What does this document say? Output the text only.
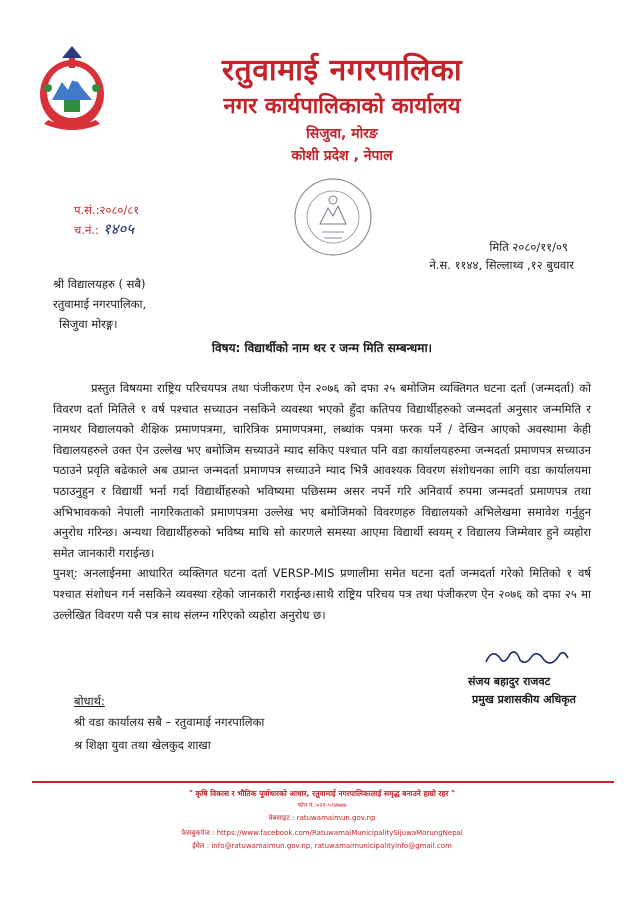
रतुवामाई नगरपालिका
नगर कार्यपालिकाको कार्यालय
सिजुवा, मोरङ
कोशी प्रदेश , नेपाल
प.सं.:२०८०/८१
च.नं.: १४०५
मिति २०८०/११/०९
ने.स. ११४४, सिल्लाथ्व ,१२ बुधवार
श्री विद्यालयहरु ( सबै)
रतुवामाई नगरपालिका,
सिजुवा मोरङ्ग।
विषय: विद्यार्थीको नाम थर र जन्म मिति सम्बन्धमा।

प्रस्तुत विषयमा राष्ट्रिय परिचयपत्र तथा पंजीकरण ऐन २०७६ को दफा २५ बमोजिम व्यक्तिगत घटना दर्ता (जन्मदर्ता) को विवरण दर्ता मितिले १ वर्ष पश्चात सच्याउन नसकिने व्यवस्था भएको हुँदा कतिपय विद्यार्थीहरुको जन्मदर्ता अनुसार जन्ममिति र नामथर विद्यालयको शैक्षिक प्रमाणपत्रमा, चारित्रिक प्रमाणपत्रमा, लब्धांक पत्रमा फरक पर्ने / देखिन आएको अवस्थामा केही विद्यालयहरुले उक्त ऐन उल्लेख भए बमोजिम सच्याउने म्याद सकिए पश्चात पनि वडा कार्यालयहरुमा जन्मदर्ता प्रमाणपत्र सच्याउन पठाउने प्रवृति बढेकाले अब उप्रान्त जन्मदर्ता प्रमाणपत्र सच्याउने म्याद भित्रै आवश्यक विवरण संशोधनका लागि वडा कार्यालयमा पठाउनुहुन र विद्यार्थी भर्ना गर्दा विद्यार्थीहरुको भविष्यमा पछिसम्म असर नपर्ने गरि अनिवार्य रुपमा जन्मदर्ता प्रमाणपत्र तथा अभिभावकको नेपाली नागरिकताको प्रमाणपत्रमा उल्लेख भए बमोजिमको विवरणहरु विद्यालयको अभिलेखमा समावेश गर्नुहुन अनुरोध गरिन्छ। अन्यथा विद्यार्थीहरुको भविष्य माथि सो कारणले समस्या आएमा विद्यार्थी स्वयम् र विद्यालय जिम्मेवार हुने व्यहोरा समेत जानकारी गराईन्छ।

पुनश्: अनलाईनमा आधारित व्यक्तिगत घटना दर्ता VERSP-MIS प्रणालीमा समेत घटना दर्ता जन्मदर्ता गरेको मितिको १ वर्ष पश्चात संशोधन गर्न नसकिने व्यवस्था रहेको जानकारी गराईन्छ।साथै राष्ट्रिय परिचय पत्र तथा पंजीकरण ऐन २०७६ को दफा २५ मा उल्लेखित विवरण यसै पत्र साथ संलग्न गरिएको व्यहोरा अनुरोध छ।

संजय बहादुर राजवट
प्रमुख प्रशासकीय अधिकृत
बोधार्थ:
श्री वडा कार्यालय सबै – रतुवामाई नगरपालिका
श्र शिक्षा युवा तथा खेलकुद शाखा
" कृषि विकास र भौतिक पूर्वाधारको आधार, रतुवामाई नगरपालिकालाई समृद्ध बनाउने हाम्रो रहर "
फोन नं.:०२१-५९४७७७
वेबसाइट : ratuwamaimun.gov.np
फेसबुकपेज : https://www.facebook.com/RatuwamaiMunicipalitySijuwaMorungNepal
ईमेल : info@ratuwamaimun.gov.np, ratuwamaimunicipalityinfo@gmail.com
